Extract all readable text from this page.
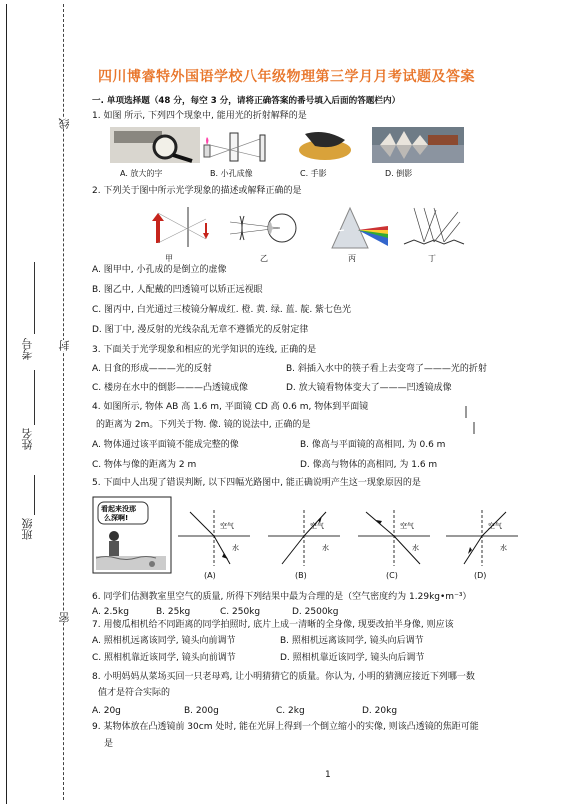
线
封
密
考号
姓名
班级
四川博睿特外国语学校八年级物理第三学月月考试题及答案
一. 单项选择题（48 分，每空 3 分，请将正确答案的番号填入后面的答题栏内）
1. 如图 所示, 下列四个现象中, 能用光的折射解释的是
A. 放大的字	B. 小孔成像	C. 手影	D. 倒影
2. 下列关于图中所示光学现象的描述或解释正确的是
甲	乙	丙	丁
A. 图甲中, 小孔成的是倒立的虚像
B. 图乙中, 人配戴的凹透镜可以矫正远视眼
C. 图丙中, 白光通过三棱镜分解成红. 橙. 黄. 绿. 蓝. 靛. 紫七色光
D. 图丁中, 漫反射的光线杂乱无章不遵循光的反射定律
3. 下面关于光学现象和相应的光学知识的连线, 正确的是
A. 日食的形成———光的反射	B. 斜插入水中的筷子看上去变弯了———光的折射
C. 楼房在水中的倒影———凸透镜成像	D. 放大镜看物体变大了———凹透镜成像
4. 如图所示, 物体 AB 高 1.6 m, 平面镜 CD 高 0.6 m, 物体到平面镜
的距离为 2m。下列关于物. 像. 镜的说法中, 正确的是
A. 物体通过该平面镜不能成完整的像	B. 像高与平面镜的高相同, 为 0.6 m
C. 物体与像的距离为 2 m	D. 像高与物体的高相同, 为 1.6 m
5. 下面中人出现了错误判断, 以下四幅光路图中, 能正确说明产生这一现象原因的是
看起来没那
么深啊!
空气
水
空气
水
空气
水
空气
水
(A)	(B)	(C)	(D)
6. 同学们估测教室里空气的质量, 所得下列结果中最为合理的是（空气密度约为 1.29kg•m⁻³）
A. 2.5kg	B. 25kg	C. 250kg	D. 2500kg
7. 用傻瓜相机给不同距离的同学拍照时, 底片上成一清晰的全身像, 现要改拍半身像, 则应该
A. 照相机远离该同学, 镜头向前调节	B. 照相机远离该同学, 镜头向后调节
C. 照相机靠近该同学, 镜头向前调节	D. 照相机靠近该同学, 镜头向后调节
8. 小明妈妈从菜场买回一只老母鸡, 让小明猜猜它的质量。你认为, 小明的猜测应接近下列哪一数
值才是符合实际的
A. 20g	B. 200g	C. 2kg	D. 20kg
9. 某物体放在凸透镜前 30cm 处时, 能在光屏上得到一个倒立缩小的实像, 则该凸透镜的焦距可能
是
1
